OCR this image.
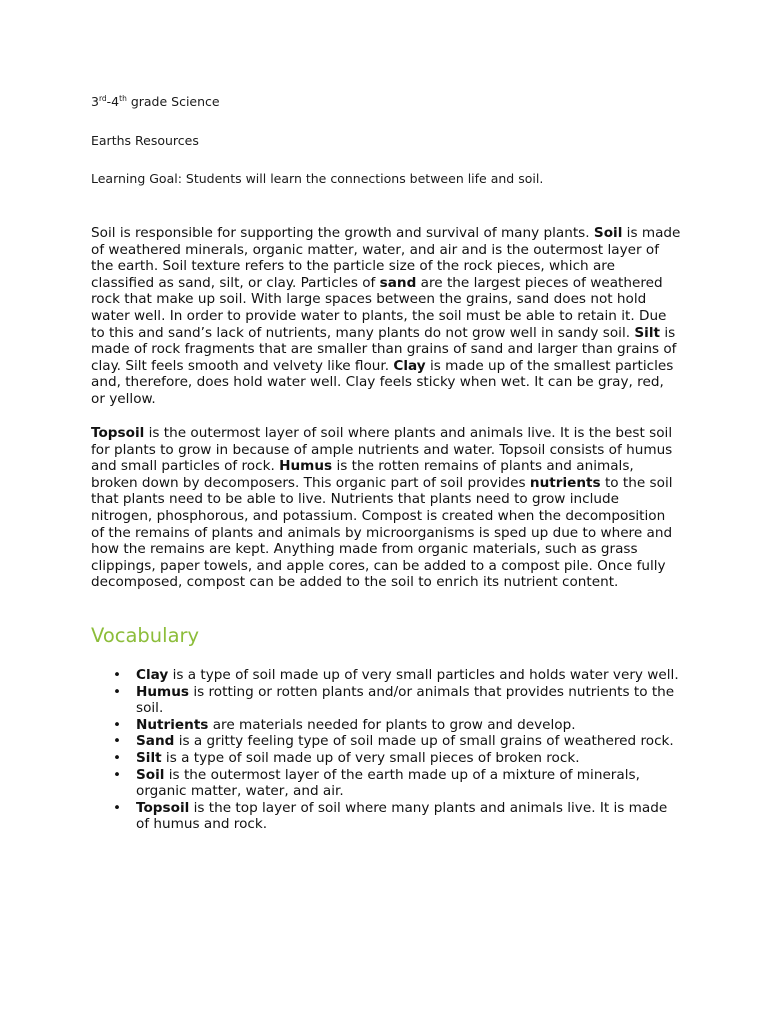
3rd-4th grade Science

Earths Resources

Learning Goal: Students will learn the connections between life and soil.

Soil is responsible for supporting the growth and survival of many plants. Soil is made of weathered minerals, organic matter, water, and air and is the outermost layer of the earth. Soil texture refers to the particle size of the rock pieces, which are classified as sand, silt, or clay. Particles of sand are the largest pieces of weathered rock that make up soil. With large spaces between the grains, sand does not hold water well. In order to provide water to plants, the soil must be able to retain it. Due to this and sand’s lack of nutrients, many plants do not grow well in sandy soil. Silt is made of rock fragments that are smaller than grains of sand and larger than grains of clay. Silt feels smooth and velvety like flour. Clay is made up of the smallest particles and, therefore, does hold water well. Clay feels sticky when wet. It can be gray, red, or yellow.

Topsoil is the outermost layer of soil where plants and animals live. It is the best soil for plants to grow in because of ample nutrients and water. Topsoil consists of humus and small particles of rock. Humus is the rotten remains of plants and animals, broken down by decomposers. This organic part of soil provides nutrients to the soil that plants need to be able to live. Nutrients that plants need to grow include nitrogen, phosphorous, and potassium. Compost is created when the decomposition of the remains of plants and animals by microorganisms is sped up due to where and how the remains are kept. Anything made from organic materials, such as grass clippings, paper towels, and apple cores, can be added to a compost pile. Once fully decomposed, compost can be added to the soil to enrich its nutrient content.

Vocabulary
• Clay is a type of soil made up of very small particles and holds water very well.
• Humus is rotting or rotten plants and/or animals that provides nutrients to the soil.
• Nutrients are materials needed for plants to grow and develop.
• Sand is a gritty feeling type of soil made up of small grains of weathered rock.
• Silt is a type of soil made up of very small pieces of broken rock.
• Soil is the outermost layer of the earth made up of a mixture of minerals, organic matter, water, and air.
• Topsoil is the top layer of soil where many plants and animals live. It is made of humus and rock.
